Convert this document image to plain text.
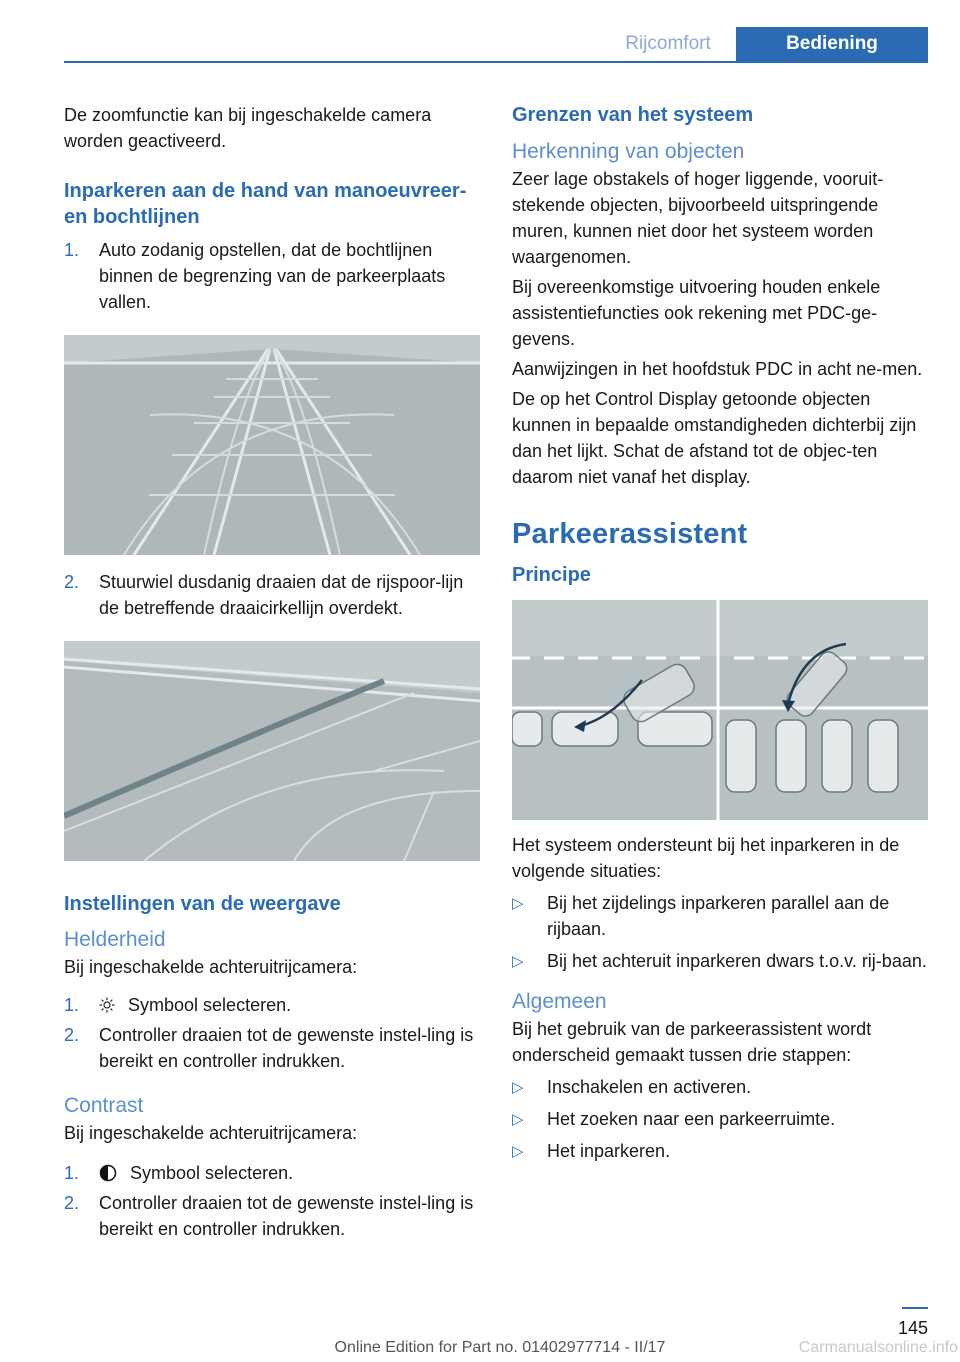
Rijcomfort	Bediening

De zoomfunctie kan bij ingeschakelde camera worden geactiveerd.

Inparkeren aan de hand van manoeuvreer- en bochtlijnen
1. Auto zodanig opstellen, dat de bochtlijnen binnen de begrenzing van de parkeerplaats vallen.
2. Stuurwiel dusdanig draaien dat de rijspoor-lijn de betreffende draaicirkellijn overdekt.
Instellingen van de weergave
Helderheid

Bij ingeschakelde achteruitrijcamera:

1.	Symbool selecteren.
2. Controller draaien tot de gewenste instel-ling is bereikt en controller indrukken.
Contrast

Bij ingeschakelde achteruitrijcamera:

1.	Symbool selecteren.
2. Controller draaien tot de gewenste instel-ling is bereikt en controller indrukken.
Grenzen van het systeem
Herkenning van objecten

Zeer lage obstakels of hoger liggende, vooruit-stekende objecten, bijvoorbeeld uitspringende muren, kunnen niet door het systeem worden waargenomen.

Bij overeenkomstige uitvoering houden enkele assistentiefuncties ook rekening met PDC-ge-gevens.

Aanwijzingen in het hoofdstuk PDC in acht ne-men.

De op het Control Display getoonde objecten kunnen in bepaalde omstandigheden dichterbij zijn dan het lijkt. Schat de afstand tot de objec-ten daarom niet vanaf het display.

Parkeerassistent
Principe

Het systeem ondersteunt bij het inparkeren in de volgende situaties:

▷ Bij het zijdelings inparkeren parallel aan de rijbaan.
▷ Bij het achteruit inparkeren dwars t.o.v. rij-baan.
Algemeen

Bij het gebruik van de parkeerassistent wordt onderscheid gemaakt tussen drie stappen:

▷ Inschakelen en activeren.
▷ Het zoeken naar een parkeerruimte.
▷ Het inparkeren.
145
Online Edition for Part no. 01402977714 - II/17	Carmanualsonline.info
